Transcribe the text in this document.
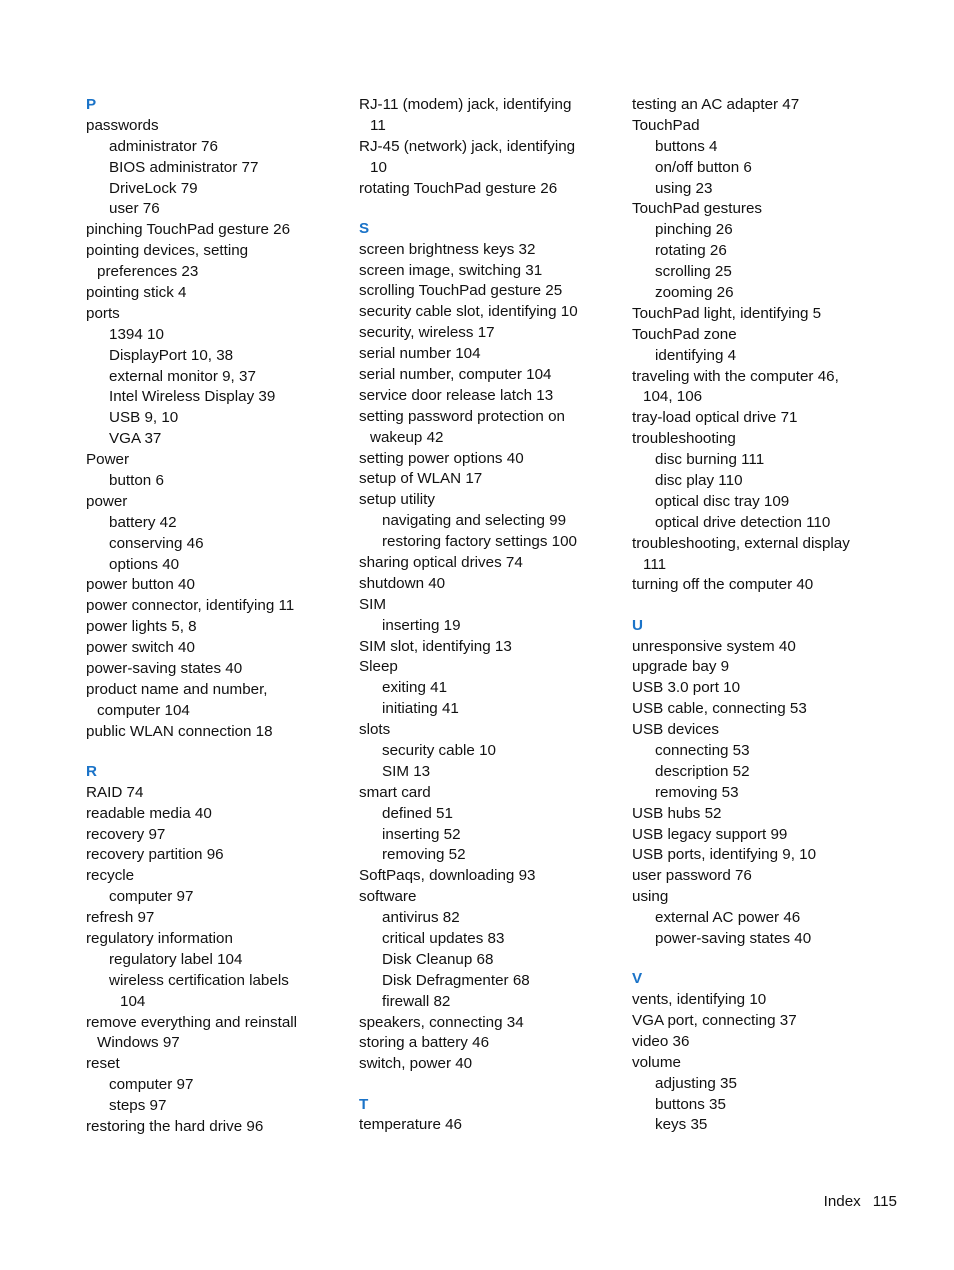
P
passwords
administrator 76
BIOS administrator 77
DriveLock 79
user 76
pinching TouchPad gesture 26
pointing devices, setting
preferences 23
pointing stick 4
ports
1394 10
DisplayPort 10, 38
external monitor 9, 37
Intel Wireless Display 39
USB 9, 10
VGA 37
Power
button 6
power
battery 42
conserving 46
options 40
power button 40
power connector, identifying 11
power lights 5, 8
power switch 40
power-saving states 40
product name and number,
computer 104
public WLAN connection 18
R
RAID 74
readable media 40
recovery 97
recovery partition 96
recycle
computer 97
refresh 97
regulatory information
regulatory label 104
wireless certification labels
104
remove everything and reinstall
Windows 97
reset
computer 97
steps 97
restoring the hard drive 96
RJ-11 (modem) jack, identifying
11
RJ-45 (network) jack, identifying
10
rotating TouchPad gesture 26
S
screen brightness keys 32
screen image, switching 31
scrolling TouchPad gesture 25
security cable slot, identifying 10
security, wireless 17
serial number 104
serial number, computer 104
service door release latch 13
setting password protection on
wakeup 42
setting power options 40
setup of WLAN 17
setup utility
navigating and selecting 99
restoring factory settings 100
sharing optical drives 74
shutdown 40
SIM
inserting 19
SIM slot, identifying 13
Sleep
exiting 41
initiating 41
slots
security cable 10
SIM 13
smart card
defined 51
inserting 52
removing 52
SoftPaqs, downloading 93
software
antivirus 82
critical updates 83
Disk Cleanup 68
Disk Defragmenter 68
firewall 82
speakers, connecting 34
storing a battery 46
switch, power 40
T
temperature 46
testing an AC adapter 47
TouchPad
buttons 4
on/off button 6
using 23
TouchPad gestures
pinching 26
rotating 26
scrolling 25
zooming 26
TouchPad light, identifying 5
TouchPad zone
identifying 4
traveling with the computer 46,
104, 106
tray-load optical drive 71
troubleshooting
disc burning 111
disc play 110
optical disc tray 109
optical drive detection 110
troubleshooting, external display
111
turning off the computer 40
U
unresponsive system 40
upgrade bay 9
USB 3.0 port 10
USB cable, connecting 53
USB devices
connecting 53
description 52
removing 53
USB hubs 52
USB legacy support 99
USB ports, identifying 9, 10
user password 76
using
external AC power 46
power-saving states 40
V
vents, identifying 10
VGA port, connecting 37
video 36
volume
adjusting 35
buttons 35
keys 35
Index 115
